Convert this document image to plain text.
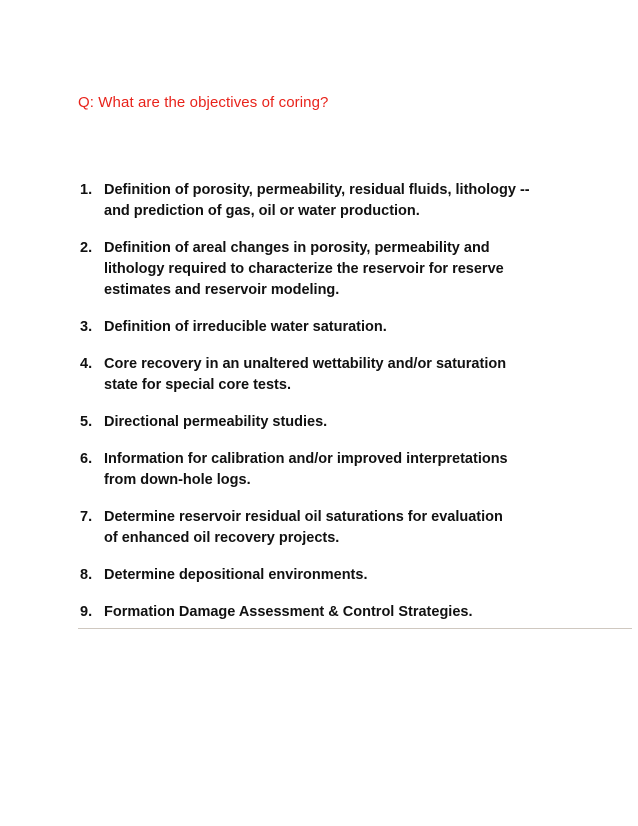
Q: What are the objectives of coring?
1. Definition of porosity, permeability, residual fluids, lithology --
and prediction of gas, oil or water production.
2. Definition of areal changes in porosity, permeability and
lithology required to characterize the reservoir for reserve
estimates and reservoir modeling.
3. Definition of irreducible water saturation.
4. Core recovery in an unaltered wettability and/or saturation
state for special core tests.
5. Directional permeability studies.
6. Information for calibration and/or improved interpretations
from down-hole logs.
7. Determine reservoir residual oil saturations for evaluation
of enhanced oil recovery projects.
8. Determine depositional environments.
9. Formation Damage Assessment & Control Strategies.
